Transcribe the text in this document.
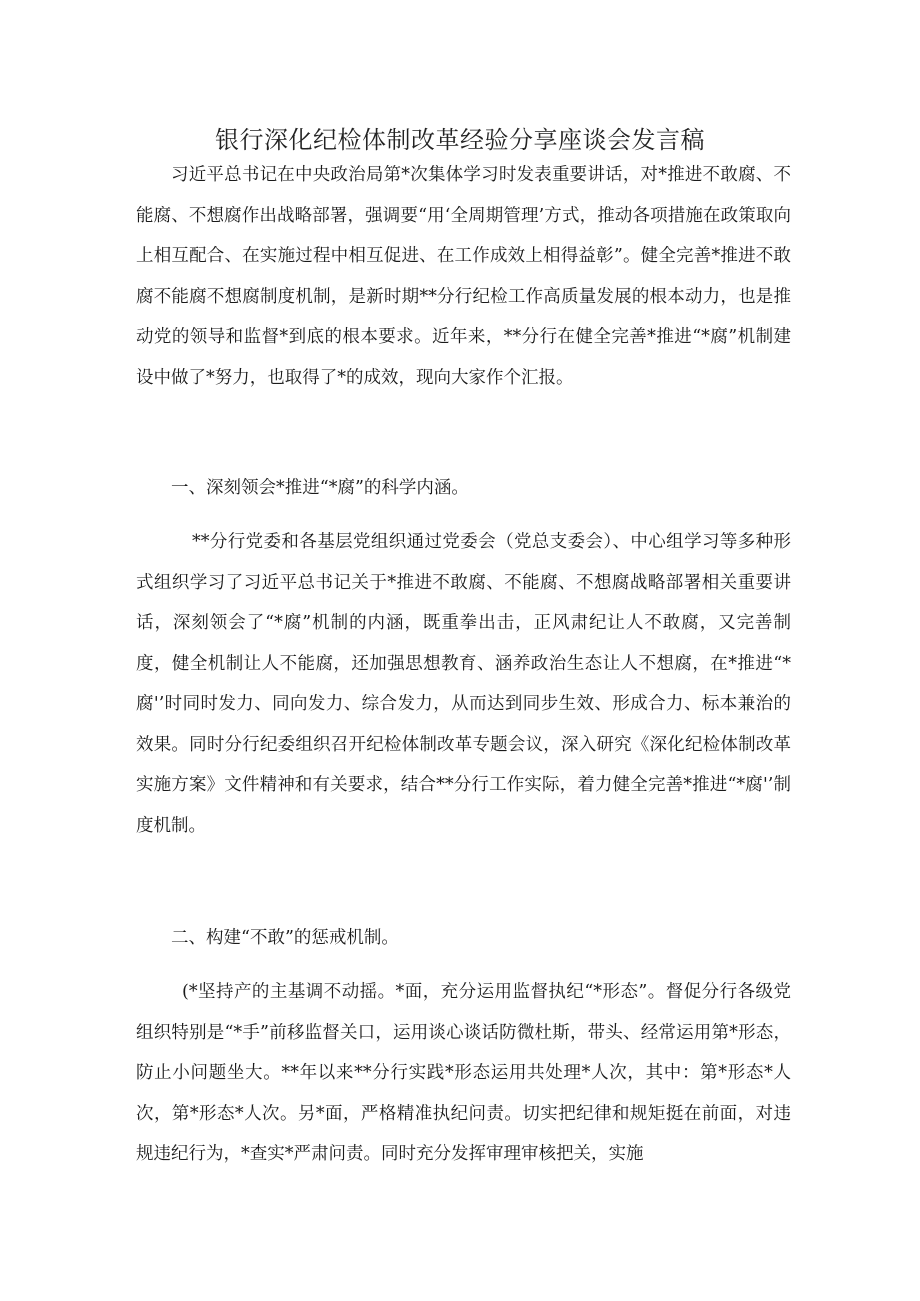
银行深化纪检体制改革经验分享座谈会发言稿
习近平总书记在中央政治局第*次集体学习时发表重要讲话，对*推进不敢腐、不能腐、不想腐作出战略部署，强调要“用‘全周期管理’方式，推动各项措施在政策取向上相互配合、在实施过程中相互促进、在工作成效上相得益彰”。健全完善*推进不敢腐不能腐不想腐制度机制，是新时期**分行纪检工作高质量发展的根本动力，也是推动党的领导和监督*到底的根本要求。近年来，**分行在健全完善*推进“*腐”机制建设中做了*努力，也取得了*的成效，现向大家作个汇报。
一、深刻领会*推进“*腐”的科学内涵。
**分行党委和各基层党组织通过党委会（党总支委会）、中心组学习等多种形式组织学习了习近平总书记关于*推进不敢腐、不能腐、不想腐战略部署相关重要讲话，深刻领会了“*腐”机制的内涵，既重拳出击，正风肃纪让人不敢腐，又完善制度，健全机制让人不能腐，还加强思想教育、涵养政治生态让人不想腐，在*推进“*腐'’时同时发力、同向发力、综合发力，从而达到同步生效、形成合力、标本兼治的效果。同时分行纪委组织召开纪检体制改革专题会议，深入研究《深化纪检体制改革实施方案》文件精神和有关要求，结合**分行工作实际，着力健全完善*推进“*腐'’制度机制。
二、构建“不敢”的惩戒机制。
(*坚持产的主基调不动摇。*面，充分运用监督执纪“*形态”。督促分行各级党组织特别是“*手”前移监督关口，运用谈心谈话防微杜斯，带头、经常运用第*形态，防止小问题坐大。**年以来**分行实践*形态运用共处理*人次，其中：第*形态*人次，第*形态*人次。另*面，严格精准执纪问责。切实把纪律和规矩挺在前面，对违规违纪行为，*查实*严肃问责。同时充分发挥审理审核把关，实施
